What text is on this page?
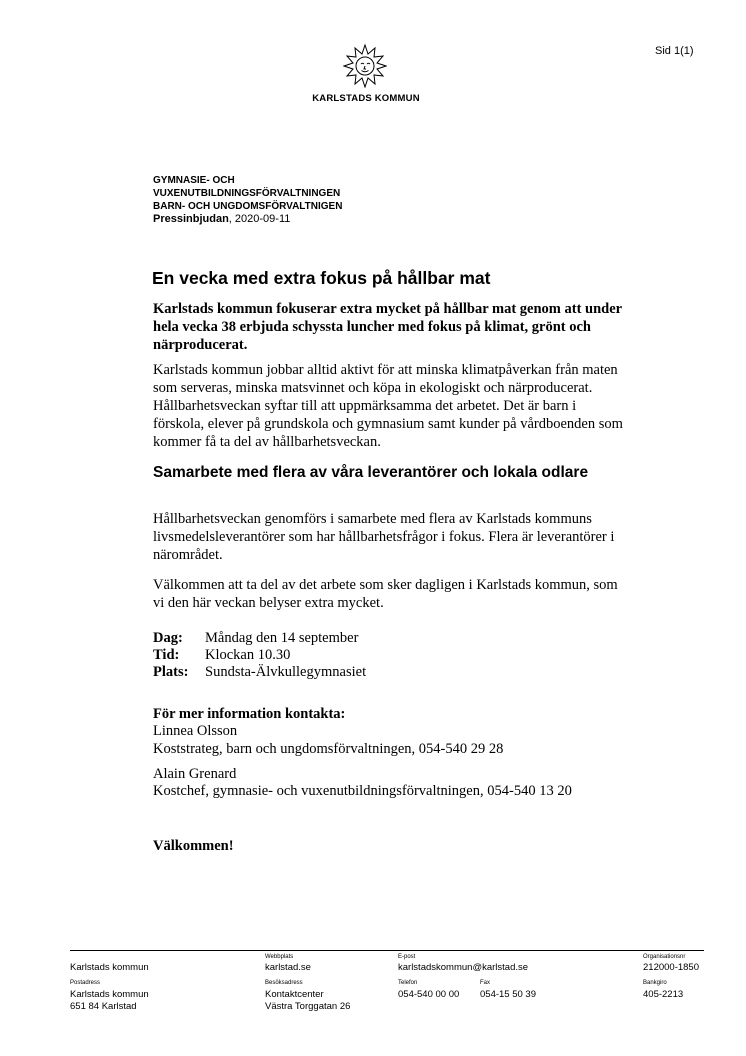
Sid 1(1)
KARLSTADS KOMMUN
GYMNASIE- OCH
VUXENUTBILDNINGSFÖRVALTNINGEN
BARN- OCH UNGDOMSFÖRVALTNIGEN
Pressinbjudan, 2020-09-11
En vecka med extra fokus på hållbar mat
Karlstads kommun fokuserar extra mycket på hållbar mat genom att under hela vecka 38 erbjuda schyssta luncher med fokus på klimat, grönt och närproducerat.
Karlstads kommun jobbar alltid aktivt för att minska klimatpåverkan från maten som serveras, minska matsvinnet och köpa in ekologiskt och närproducerat. Hållbarhetsveckan syftar till att uppmärksamma det arbetet. Det är barn i förskola, elever på grundskola och gymnasium samt kunder på vårdboenden som kommer få ta del av hållbarhetsveckan.
Samarbete med flera av våra leverantörer och lokala odlare
Hållbarhetsveckan genomförs i samarbete med flera av Karlstads kommuns livsmedelsleverantörer som har hållbarhetsfrågor i fokus. Flera är leverantörer i närområdet.
Välkommen att ta del av det arbete som sker dagligen i Karlstads kommun, som vi den här veckan belyser extra mycket.
Dag: Måndag den 14 september
Tid: Klockan 10.30
Plats: Sundsta-Älvkullegymnasiet
För mer information kontakta:
Linnea Olsson
Koststrateg, barn och ungdomsförvaltningen, 054-540 29 28
Alain Grenard
Kostchef, gymnasie- och vuxenutbildningsförvaltningen, 054-540 13 20
Välkommen!
Karlstads kommun
Webbplats
karlstad.se
E-post
karlstadskommun@karlstad.se
Organisationsnr
212000-1850
Postadress
Karlstads kommun
651 84 Karlstad
Besöksadress
Kontaktcenter
Västra Torggatan 26
Telefon
054-540 00 00
Fax
054-15 50 39
Bankgiro
405-2213
